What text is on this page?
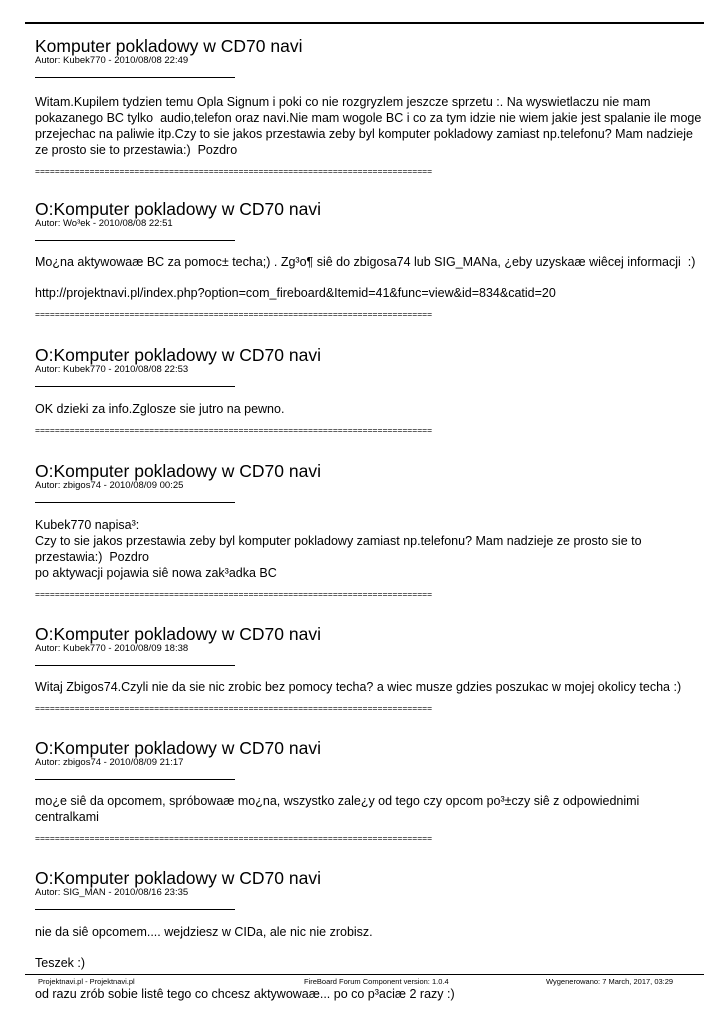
Komputer pokladowy w CD70 navi
Autor: Kubek770 - 2010/08/08 22:49

Witam.Kupilem tydzien temu Opla Signum i poki co nie rozgryzlem jeszcze sprzetu :. Na wyswietlaczu nie mam pokazanego BC tylko  audio,telefon oraz navi.Nie mam wogole BC i co za tym idzie nie wiem jakie jest spalanie ile moge przejechac na paliwie itp.Czy to sie jakos przestawia zeby byl komputer pokladowy zamiast np.telefonu? Mam nadzieje ze prosto sie to przestawia:)  Pozdro

================================================================================
O:Komputer pokladowy w CD70 navi
Autor: Wo³ek - 2010/08/08 22:51

Mo¿na aktywowaæ BC za pomoc± techa;) . Zg³o¶ siê do zbigosa74 lub SIG_MANa, ¿eby uzyskaæ wiêcej informacji  :)

http://projektnavi.pl/index.php?option=com_fireboard&Itemid=41&func=view&id=834&catid=20

================================================================================
O:Komputer pokladowy w CD70 navi
Autor: Kubek770 - 2010/08/08 22:53

OK dzieki za info.Zglosze sie jutro na pewno.

================================================================================
O:Komputer pokladowy w CD70 navi
Autor: zbigos74 - 2010/08/09 00:25

Kubek770 napisa³:
Czy to sie jakos przestawia zeby byl komputer pokladowy zamiast np.telefonu? Mam nadzieje ze prosto sie to przestawia:)  Pozdro
po aktywacji pojawia siê nowa zak³adka BC

================================================================================
O:Komputer pokladowy w CD70 navi
Autor: Kubek770 - 2010/08/09 18:38

Witaj Zbigos74.Czyli nie da sie nic zrobic bez pomocy techa? a wiec musze gdzies poszukac w mojej okolicy techa :)

================================================================================
O:Komputer pokladowy w CD70 navi
Autor: zbigos74 - 2010/08/09 21:17

mo¿e siê da opcomem, spróbowaæ mo¿na, wszystko zale¿y od tego czy opcom po³±czy siê z odpowiednimi centralkami

================================================================================
O:Komputer pokladowy w CD70 navi
Autor: SIG_MAN - 2010/08/16 23:35

nie da siê opcomem.... wejdziesz w CIDa, ale nic nie zrobisz.

Teszek :)

od razu zrób sobie listê tego co chcesz aktywowaæ... po co p³aciæ 2 razy :)

Projektnavi.pl - Projektnavi.pl	FireBoard Forum Component version: 1.0.4	Wygenerowano: 7 March, 2017, 03:29
